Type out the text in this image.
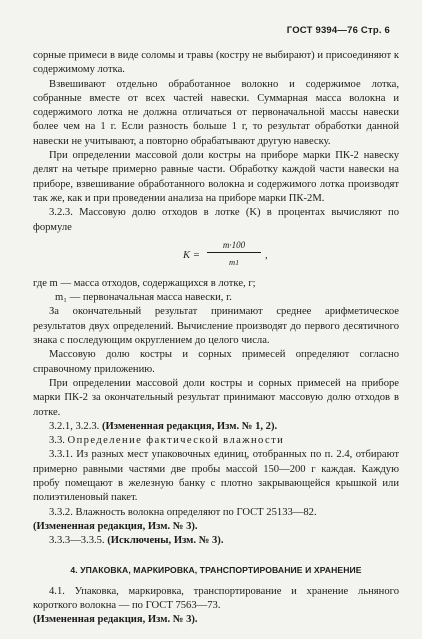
ГОСТ 9394—76 Стр. 6

сорные примеси в виде соломы и травы (костру не выбирают) и присоединяют к содержимому лотка.

Взвешивают отдельно обработанное волокно и содержимое лотка, собранные вместе от всех частей навески. Суммарная масса волокна и содержимого лотка не должна отличаться от первоначальной массы навески более чем на 1 г. Если разность больше 1 г, то результат обработки данной навески не учитывают, а повторно обрабатывают другую навеску.

При определении массовой доли костры на приборе марки ПК-2 навеску делят на четыре примерно равные части. Обработку каждой части навески на приборе, взвешивание обработанного волокна и содержимого лотка производят так же, как и при проведении анализа на приборе марки ПК-2М.

3.2.3. Массовую долю отходов в лотке (K) в процентах вычисляют по формуле

K =
m·100
m1
,

где m — масса отходов, содержащихся в лотке, г;

m₁ — первоначальная масса навески, г.

За окончательный результат принимают среднее арифметическое результатов двух определений. Вычисление производят до первого десятичного знака с последующим округлением до целого числа.

Массовую долю костры и сорных примесей определяют согласно справочному приложению.

При определении массовой доли костры и сорных примесей на приборе марки ПК-2 за окончательный результат принимают массовую долю отходов в лотке.

3.2.1, 3.2.3. (Измененная редакция, Изм. № 1, 2).

3.3. Определение фактической влажности

3.3.1. Из разных мест упаковочных единиц, отобранных по п. 2.4, отбирают примерно равными частями две пробы массой 150—200 г каждая. Каждую пробу помещают в железную банку с плотно закрывающейся крышкой или полиэтиленовый пакет.

3.3.2. Влажность волокна определяют по ГОСТ 25133—82.

(Измененная редакция, Изм. № 3).

3.3.3—3.3.5. (Исключены, Изм. № 3).

4. УПАКОВКА, МАРКИРОВКА, ТРАНСПОРТИРОВАНИЕ И ХРАНЕНИЕ

4.1. Упаковка, маркировка, транспортирование и хранение льняного короткого волокна — по ГОСТ 7563—73.

(Измененная редакция, Изм. № 3).
